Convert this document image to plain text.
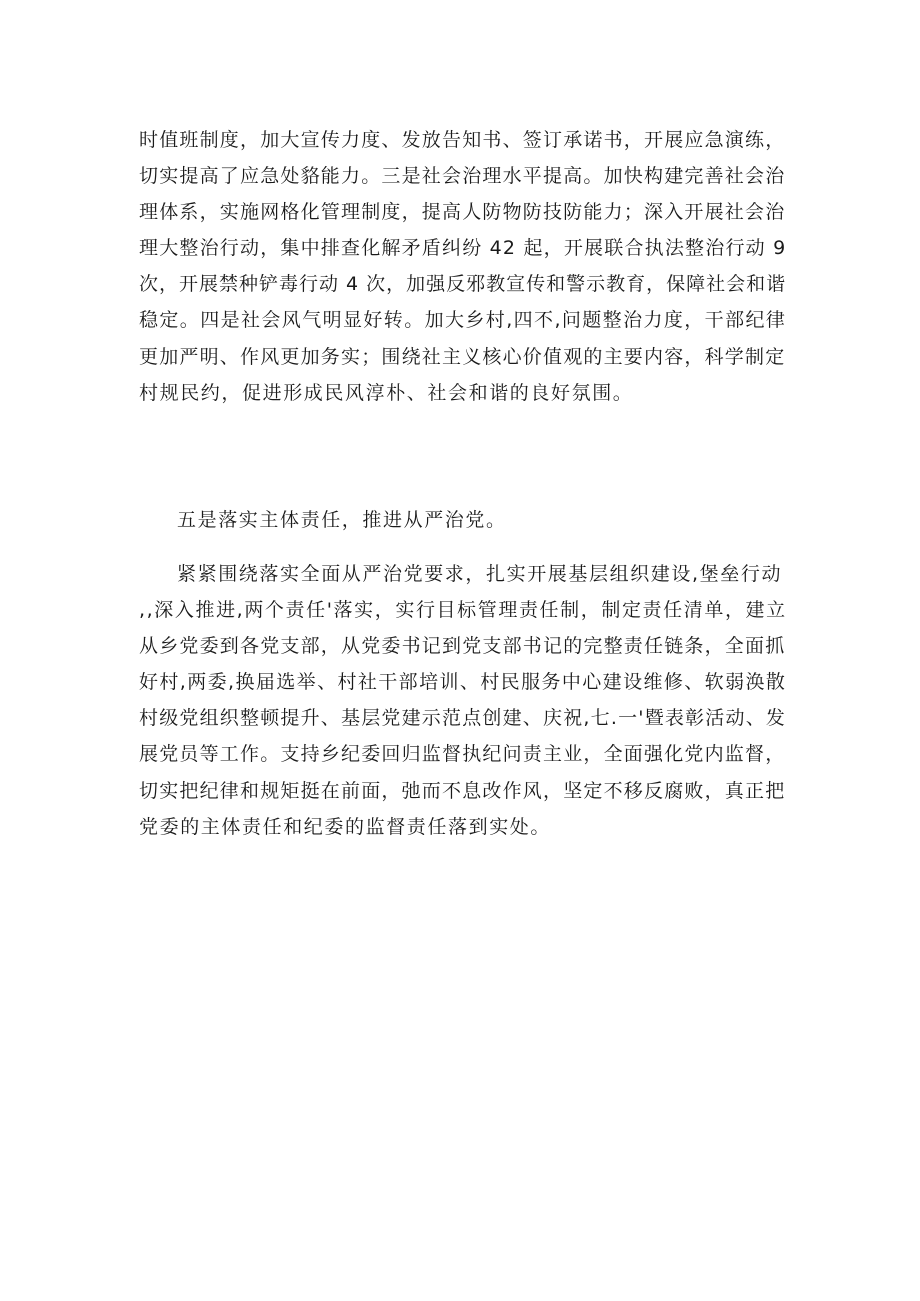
时值班制度，加大宣传力度、发放告知书、签订承诺书，开展应急演练，
切实提高了应急处貉能力。三是社会治理水平提高。加快构建完善社会治
理体系，实施网格化管理制度，提高人防物防技防能力；深入开展社会治
理大整治行动，集中排查化解矛盾纠纷 42 起，开展联合执法整治行动 9
次，开展禁种铲毒行动 4 次，加强反邪教宣传和警示教育，保障社会和谐
稳定。四是社会风气明显好转。加大乡村,四不,问题整治力度，干部纪律
更加严明、作风更加务实；围绕社主义核心价值观的主要内容，科学制定
村规民约，促进形成民风淳朴、社会和谐的良好氛围。
五是落实主体责任，推进从严治党。
紧紧围绕落实全面从严治党要求，扎实开展基层组织建设,堡垒行动
,,深入推进,两个责任'落实，实行目标管理责任制，制定责任清单，建立
从乡党委到各党支部，从党委书记到党支部书记的完整责任链条，全面抓
好村,两委,换届选举、村社干部培训、村民服务中心建设维修、软弱涣散
村级党组织整顿提升、基层党建示范点创建、庆祝,七.一'暨表彰活动、发
展党员等工作。支持乡纪委回归监督执纪问责主业，全面强化党内监督，
切实把纪律和规矩挺在前面，弛而不息改作风，坚定不移反腐败，真正把
党委的主体责任和纪委的监督责任落到实处。
